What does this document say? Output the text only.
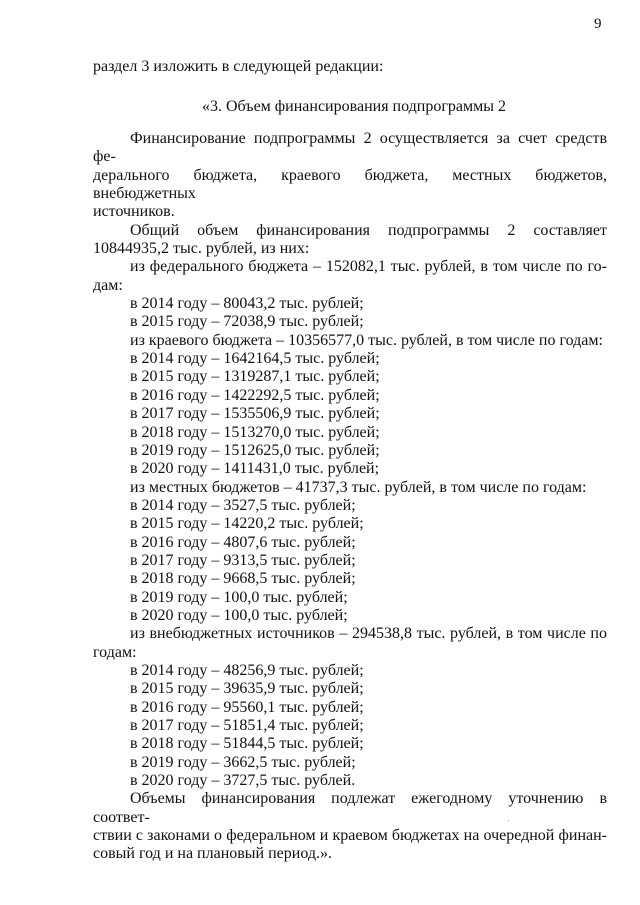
9
раздел 3 изложить в следующей редакции:
«3. Объем финансирования подпрограммы 2

Финансирование подпрограммы 2 осуществляется за счет средств фе-

дерального бюджета, краевого бюджета, местных бюджетов, внебюджетных

источников.

Общий объем финансирования подпрограммы 2 составляет

10844935,2 тыс. рублей, из них:

из федерального бюджета – 152082,1 тыс. рублей, в том числе по го-

дам:

в 2014 году – 80043,2 тыс. рублей;

в 2015 году – 72038,9 тыс. рублей;

из краевого бюджета – 10356577,0 тыс. рублей, в том числе по годам:

в 2014 году – 1642164,5 тыс. рублей;

в 2015 году – 1319287,1 тыс. рублей;

в 2016 году – 1422292,5 тыс. рублей;

в 2017 году – 1535506,9 тыс. рублей;

в 2018 году – 1513270,0 тыс. рублей;

в 2019 году – 1512625,0 тыс. рублей;

в 2020 году – 1411431,0 тыс. рублей;

из местных бюджетов – 41737,3 тыс. рублей, в том числе по годам:

в 2014 году – 3527,5 тыс. рублей;

в 2015 году – 14220,2 тыс. рублей;

в 2016 году – 4807,6 тыс. рублей;

в 2017 году – 9313,5 тыс. рублей;

в 2018 году – 9668,5 тыс. рублей;

в 2019 году – 100,0 тыс. рублей;

в 2020 году – 100,0 тыс. рублей;

из внебюджетных источников – 294538,8 тыс. рублей, в том числе по

годам:

в 2014 году – 48256,9 тыс. рублей;

в 2015 году – 39635,9 тыс. рублей;

в 2016 году – 95560,1 тыс. рублей;

в 2017 году – 51851,4 тыс. рублей;

в 2018 году – 51844,5 тыс. рублей;

в 2019 году – 3662,5 тыс. рублей;

в 2020 году – 3727,5 тыс. рублей.

Объемы финансирования подлежат ежегодному уточнению в соответ-

ствии с законами о федеральном и краевом бюджетах на очередной финан-

совый год и на плановый период.».
